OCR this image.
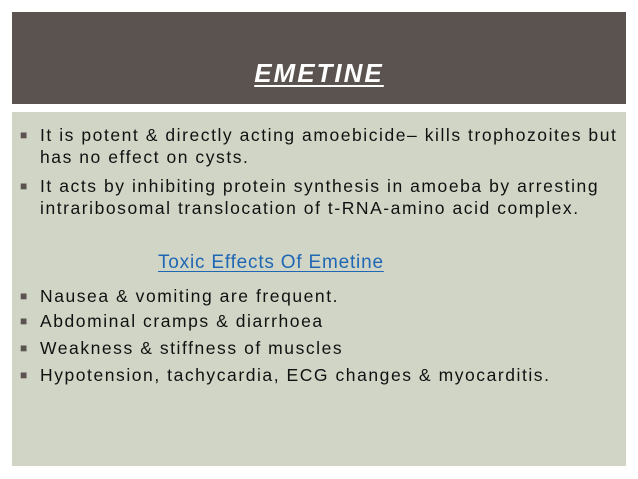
EMETINE
■ It is potent & directly acting amoebicide– kills trophozoites but has no effect on cysts.
■ It acts by inhibiting protein synthesis in amoeba by arresting intraribosomal translocation of t-RNA-amino acid complex.
Toxic Effects Of Emetine
■ Nausea & vomiting are frequent.
■ Abdominal cramps & diarrhoea
■ Weakness & stiffness of muscles
■ Hypotension, tachycardia, ECG changes & myocarditis.
